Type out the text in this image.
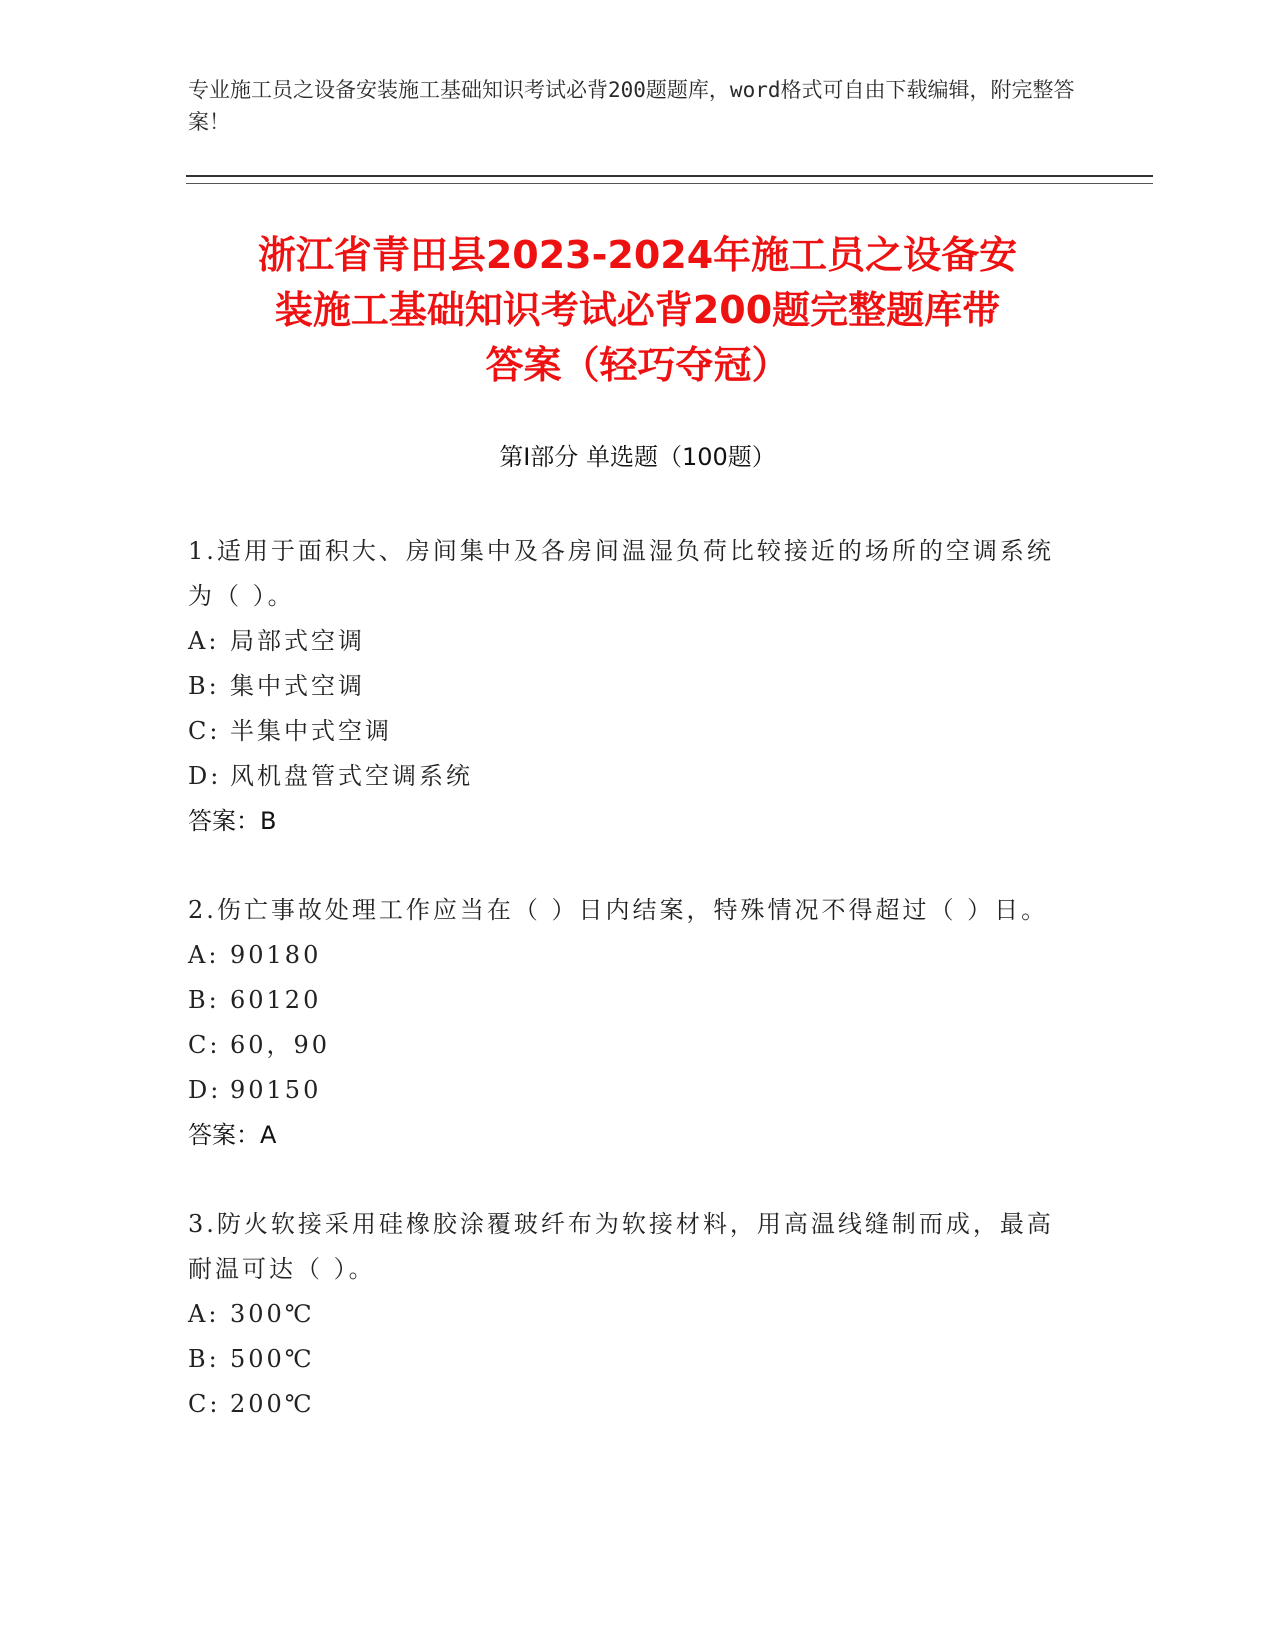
专业施工员之设备安装施工基础知识考试必背200题题库，word格式可自由下载编辑，附完整答案！
浙江省青田县2023-2024年施工员之设备安
装施工基础知识考试必背200题完整题库带
答案（轻巧夺冠）
第Ⅰ部分 单选题（100题）
1.适用于面积大、房间集中及各房间温湿负荷比较接近的场所的空调系统为（ ）。
A: 局部式空调
B: 集中式空调
C: 半集中式空调
D: 风机盘管式空调系统
答案：B
2.伤亡事故处理工作应当在（ ）日内结案，特殊情况不得超过（ ）日。
A: 90180
B: 60120
C: 60，90
D: 90150
答案：A
3.防火软接采用硅橡胶涂覆玻纤布为软接材料，用高温线缝制而成，最高耐温可达（ ）。
A: 300℃
B: 500℃
C: 200℃
